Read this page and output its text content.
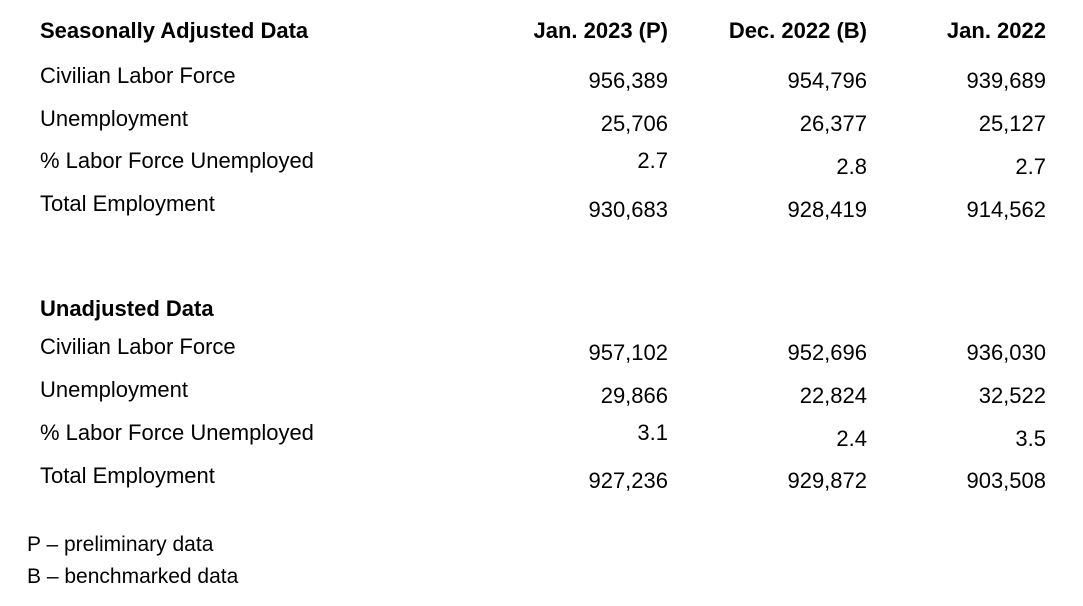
Seasonally Adjusted Data	Jan. 2023 (P)	Dec. 2022 (B)	Jan. 2022
Civilian Labor Force	956,389	954,796	939,689
Unemployment	25,706	26,377	25,127
% Labor Force Unemployed	2.7	2.8	2.7
Total Employment	930,683	928,419	914,562
Unadjusted Data
Civilian Labor Force	957,102	952,696	936,030
Unemployment	29,866	22,824	32,522
% Labor Force Unemployed	3.1	2.4	3.5
Total Employment	927,236	929,872	903,508
P – preliminary data
B – benchmarked data
